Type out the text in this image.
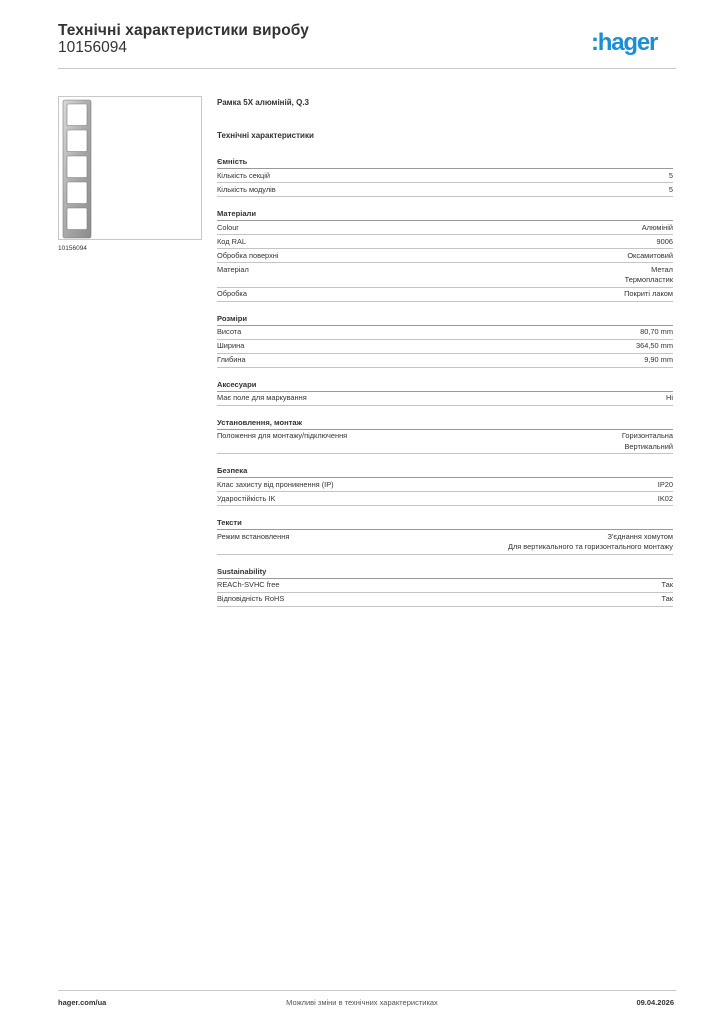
Технічні характеристики виробу
10156094	:hager
10156094
Рамка 5X алюміній, Q.3
Технічні характеристики
Ємність
Кількість секцій	5
Кількість модулів	5
Матеріали
Colour	Алюміній
Код RAL	9006
Обробка поверхні	Оксамитовий
Матеріал	Метал
Термопластик
Обробка	Покриті лаком
Розміри
Висота	80,70 mm
Ширина	364,50 mm
Глибина	9,90 mm
Аксесуари
Має поле для маркування	Ні
Установлення, монтаж
Положення для монтажу/підключення	Горизонтальна
Вертикальний
Безпека
Клас захисту від проникнення (IP)	IP20
Ударостійкість IK	IK02
Тексти
Режим встановлення	З'єднання хомутом
Для вертикального та горизонтального монтажу
Sustainability
REACh-SVHC free	Так
Відповідність RoHS	Так
hager.com/ua	Можливі зміни в технічних характеристиках	09.04.2026
